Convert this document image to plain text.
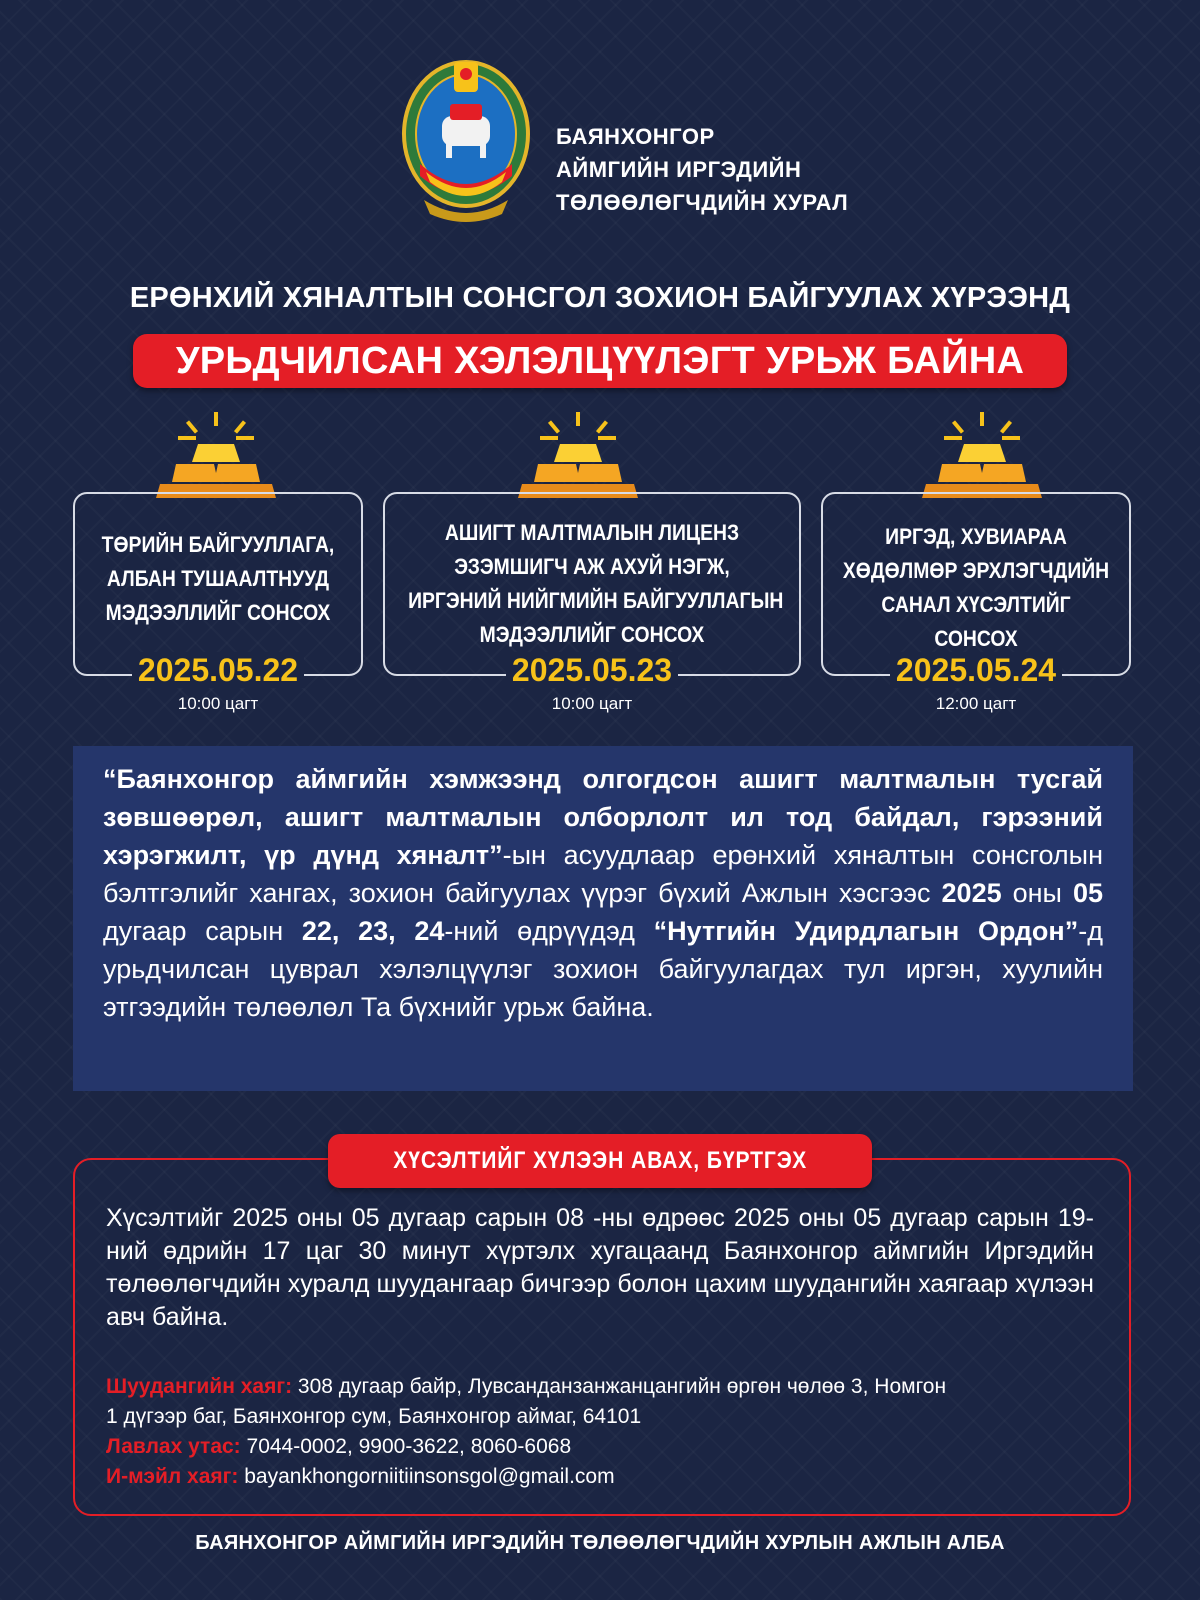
БАЯНХОНГОР
АЙМГИЙН ИРГЭДИЙН
ТӨЛӨӨЛӨГЧДИЙН ХУРАЛ
ЕРӨНХИЙ ХЯНАЛТЫН СОНСГОЛ ЗОХИОН БАЙГУУЛАХ ХҮРЭЭНД
УРЬДЧИЛСАН ХЭЛЭЛЦҮҮЛЭГТ УРЬЖ БАЙНА
ТӨРИЙН БАЙГУУЛЛАГА,
АЛБАН ТУШААЛТНУУД
МЭДЭЭЛЛИЙГ СОНСОХ
2025.05.22
10:00 цагт
АШИГТ МАЛТМАЛЫН ЛИЦЕНЗ
ЭЗЭМШИГЧ АЖ АХУЙ НЭГЖ,
ИРГЭНИЙ НИЙГМИЙН БАЙГУУЛЛАГЫН
МЭДЭЭЛЛИЙГ СОНСОХ
2025.05.23
10:00 цагт
ИРГЭД, ХУВИАРАА
ХӨДӨЛМӨР ЭРХЛЭГЧДИЙН
САНАЛ ХҮСЭЛТИЙГ
СОНСОХ
2025.05.24
12:00 цагт
“Баянхонгор аймгийн хэмжээнд олгогдсон ашигт малтмалын тусгай зөвшөөрөл, ашигт малтмалын олборлолт ил тод байдал, гэрээний хэрэгжилт, үр дүнд хяналт”-ын асуудлаар ерөнхий хяналтын сонсголын бэлтгэлийг хангах, зохион байгуулах үүрэг бүхий Ажлын хэсгээс 2025 оны 05 дугаар сарын 22, 23, 24-ний өдрүүдэд “Нутгийн Удирдлагын Ордон”-д урьдчилсан цуврал хэлэлцүүлэг зохион байгуулагдах тул иргэн, хуулийн этгээдийн төлөөлөл Та бүхнийг урьж байна.
ХҮСЭЛТИЙГ ХҮЛЭЭН АВАХ, БҮРТГЭХ
Хүсэлтийг 2025 оны 05 дугаар сарын 08 -ны өдрөөс 2025 оны 05 дугаар сарын 19-ний өдрийн 17 цаг 30 минут хүртэлх хугацаанд Баянхонгор аймгийн Иргэдийн төлөөлөгчдийн хуралд шуудангаар бичгээр болон цахим шуудангийн хаягаар хүлээн авч байна.
Шуудангийн хаяг: 308 дугаар байр, Лувсанданзанжанцангийн өргөн чөлөө 3, Номгон
1 дүгээр баг, Баянхонгор сум, Баянхонгор аймаг, 64101
Лавлах утас: 7044-0002, 9900-3622, 8060-6068
И-мэйл хаяг: bayankhongorniitiinsonsgol@gmail.com
БАЯНХОНГОР АЙМГИЙН ИРГЭДИЙН ТӨЛӨӨЛӨГЧДИЙН ХУРЛЫН АЖЛЫН АЛБА
